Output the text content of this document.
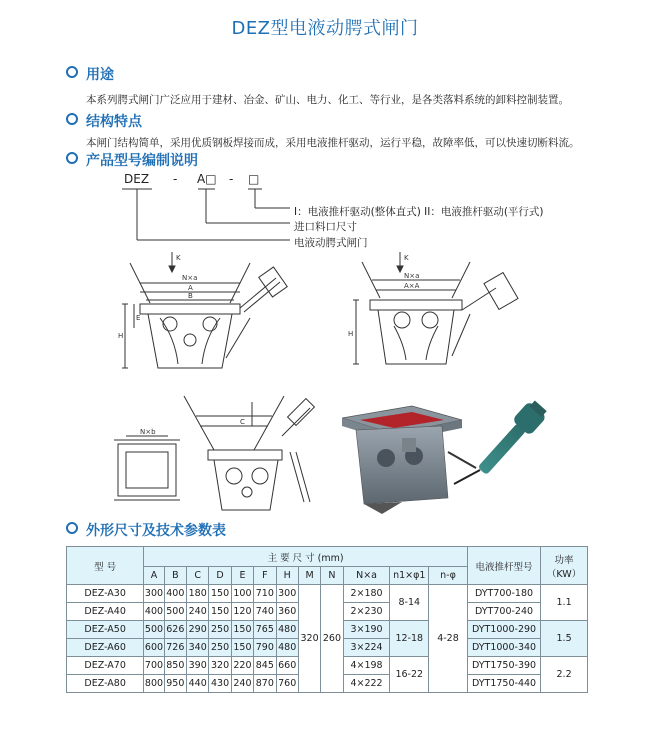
DEZ型电液动腭式闸门
用途
本系列腭式闸门广泛应用于建材、冶金、矿山、电力、化工、等行业，是各类落料系统的卸料控制装置。
结构特点
本闸门结构简单，采用优质钢板焊接而成，采用电液推杆驱动，运行平稳，故障率低，可以快速切断料流。
产品型号编制说明
DEZ - A□ - □
I：电液推杆驱动(整体直式) II：电液推杆驱动(平行式)
进口料口尺寸
电液动腭式闸门
K
N×a
A
B
H
E
K
N×a
A×A
H
N×b
C
外形尺寸及技术参数表
型 号	主 要 尺 寸 (mm)												电液推杆型号	功率
（KW）
	A	B	C	D	E	F	H	M	N	N×a	n1×φ1	n-φ		
DEZ-A30	300	400	180	150	100	710	300	320	260	2×180	8-14	4-28	DYT700-180	1.1
DEZ-A40	400	500	240	150	120	740	360			2×230			DYT700-240	
DEZ-A50	500	626	290	250	150	765	480			3×190	12-18		DYT1000-290	1.5
DEZ-A60	600	726	340	250	150	790	480			3×224			DYT1000-340	
DEZ-A70	700	850	390	320	220	845	660			4×198	16-22		DYT1750-390	2.2
DEZ-A80	800	950	440	430	240	870	760			4×222			DYT1750-440	
